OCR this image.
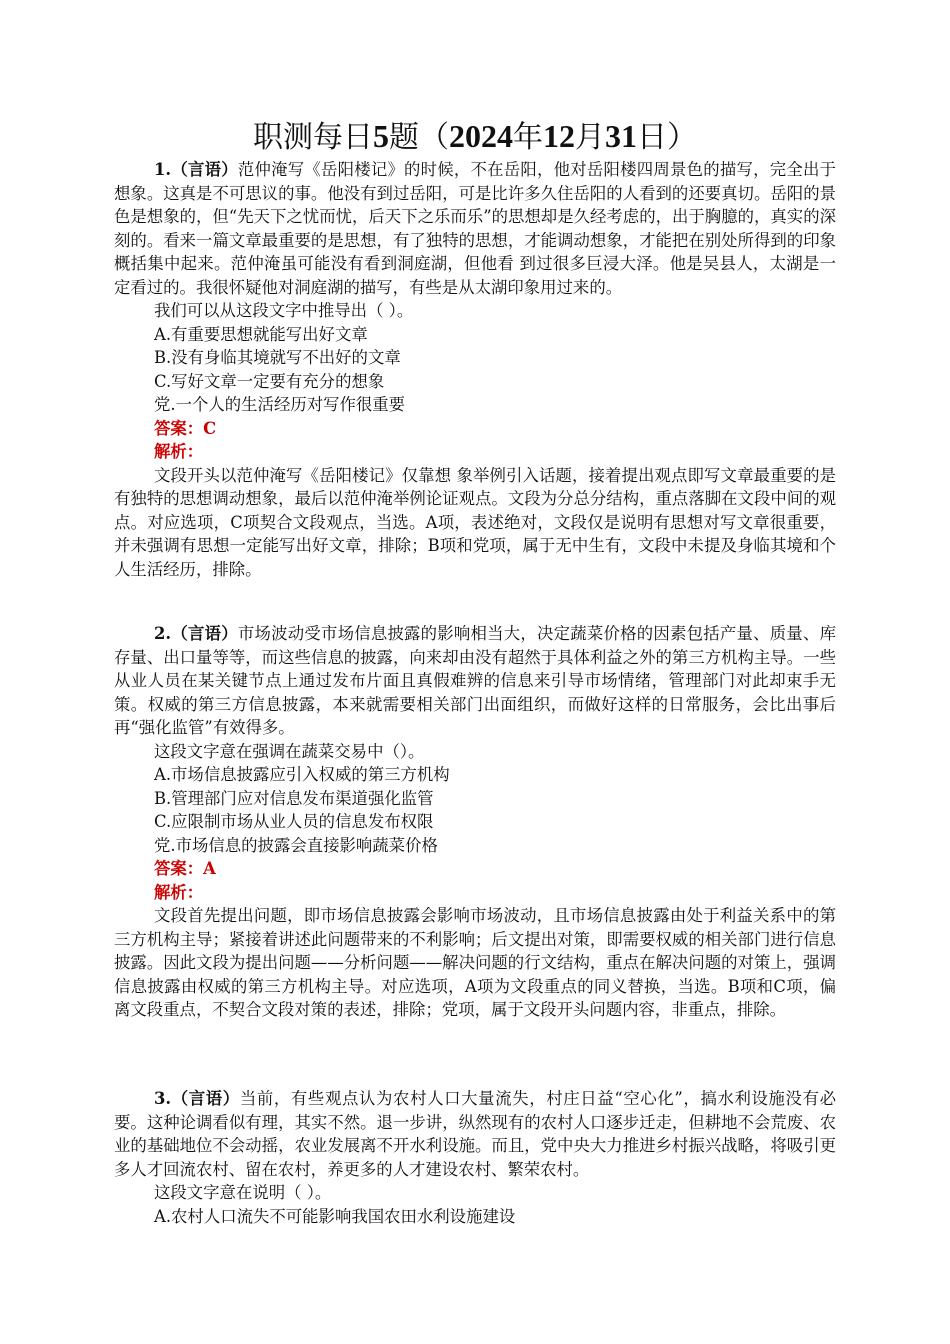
职测每日5题（2024年12月31日）

1.（言语）范仲淹写《岳阳楼记》的时候，不在岳阳，他对岳阳楼四周景色的描写，完全出于想象。这真是不可思议的事。他没有到过岳阳，可是比许多久住岳阳的人看到的还要真切。岳阳的景色是想象的，但“先天下之忧而忧，后天下之乐而乐”的思想却是久经考虑的，出于胸臆的，真实的深刻的。看来一篇文章最重要的是思想，有了独特的思想，才能调动想象，才能把在别处所得到的印象概括集中起来。范仲淹虽可能没有看到洞庭湖，但他看 到过很多巨浸大泽。他是吴县人，太湖是一定看过的。我很怀疑他对洞庭湖的描写，有些是从太湖印象用过来的。

我们可以从这段文字中推导出（ ）。

A.有重要思想就能写出好文章

B.没有身临其境就写不出好的文章

C.写好文章一定要有充分的想象

党.一个人的生活经历对写作很重要

答案：C

解析：

文段开头以范仲淹写《岳阳楼记》仅靠想 象举例引入话题，接着提出观点即写文章最重要的是有独特的思想调动想象，最后以范仲淹举例论证观点。文段为分总分结构，重点落脚在文段中间的观点。对应选项，C项契合文段观点，当选。A项，表述绝对，文段仅是说明有思想对写文章很重要，并未强调有思想一定能写出好文章，排除；B项和党项，属于无中生有，文段中未提及身临其境和个人生活经历，排除。

2.（言语）市场波动受市场信息披露的影响相当大，决定蔬菜价格的因素包括产量、质量、库存量、出口量等等，而这些信息的披露，向来却由没有超然于具体利益之外的第三方机构主导。一些从业人员在某关键节点上通过发布片面且真假难辨的信息来引导市场情绪，管理部门对此却束手无策。权威的第三方信息披露，本来就需要相关部门出面组织，而做好这样的日常服务，会比出事后再“强化监管”有效得多。

这段文字意在强调在蔬菜交易中（）。

A.市场信息披露应引入权威的第三方机构

B.管理部门应对信息发布渠道强化监管

C.应限制市场从业人员的信息发布权限

党.市场信息的披露会直接影响蔬菜价格

答案：A

解析：

文段首先提出问题，即市场信息披露会影响市场波动，且市场信息披露由处于利益关系中的第三方机构主导；紧接着讲述此问题带来的不利影响；后文提出对策，即需要权威的相关部门进行信息披露。因此文段为提出问题——分析问题——解决问题的行文结构，重点在解决问题的对策上，强调信息披露由权威的第三方机构主导。对应选项，A项为文段重点的同义替换，当选。B项和C项，偏离文段重点，不契合文段对策的表述，排除；党项，属于文段开头问题内容，非重点，排除。

3.（言语）当前，有些观点认为农村人口大量流失，村庄日益“空心化”，搞水利设施没有必要。这种论调看似有理，其实不然。退一步讲，纵然现有的农村人口逐步迁走，但耕地不会荒废、农业的基础地位不会动摇，农业发展离不开水利设施。而且，党中央大力推进乡村振兴战略，将吸引更多人才回流农村、留在农村，养更多的人才建设农村、繁荣农村。

这段文字意在说明（ ）。

A.农村人口流失不可能影响我国农田水利设施建设
